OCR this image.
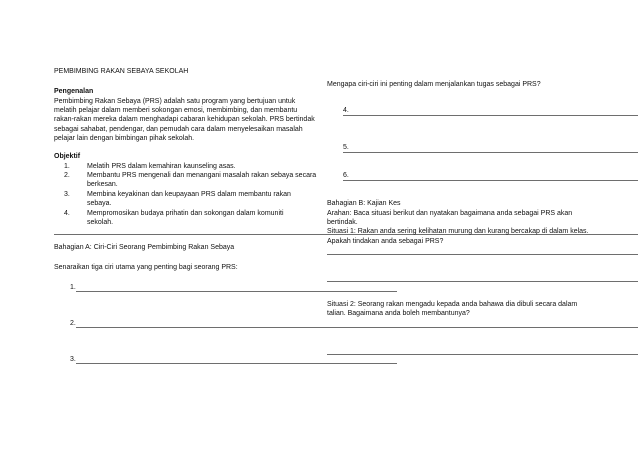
PEMBIMBING RAKAN SEBAYA SEKOLAH
Pengenalan

Pembimbing Rakan Sebaya (PRS) adalah satu program yang bertujuan untuk

melatih pelajar dalam memberi sokongan emosi, membimbing, dan membantu

rakan-rakan mereka dalam menghadapi cabaran kehidupan sekolah. PRS bertindak

sebagai sahabat, pendengar, dan pemudah cara dalam menyelesaikan masalah

pelajar lain dengan bimbingan pihak sekolah.

Objektif
1. Melatih PRS dalam kemahiran kaunseling asas.

2. Membantu PRS mengenali dan menangani masalah rakan sebaya secara

berkesan.

3. Membina keyakinan dan keupayaan PRS dalam membantu rakan

sebaya.

4. Mempromosikan budaya prihatin dan sokongan dalam komuniti

sekolah.

Bahagian A: Ciri-Ciri Seorang Pembimbing Rakan Sebaya
Senaraikan tiga ciri utama yang penting bagi seorang PRS:
1.
2.
3.
Mengapa ciri-ciri ini penting dalam menjalankan tugas sebagai PRS?
4.
5.
6.
Bahagian B: Kajian Kes

Arahan: Baca situasi berikut dan nyatakan bagaimana anda sebagai PRS akan

bertindak.

Situasi 1: Rakan anda sering kelihatan murung dan kurang bercakap di dalam kelas.

Apakah tindakan anda sebagai PRS?

Situasi 2: Seorang rakan mengadu kepada anda bahawa dia dibuli secara dalam

talian. Bagaimana anda boleh membantunya?
